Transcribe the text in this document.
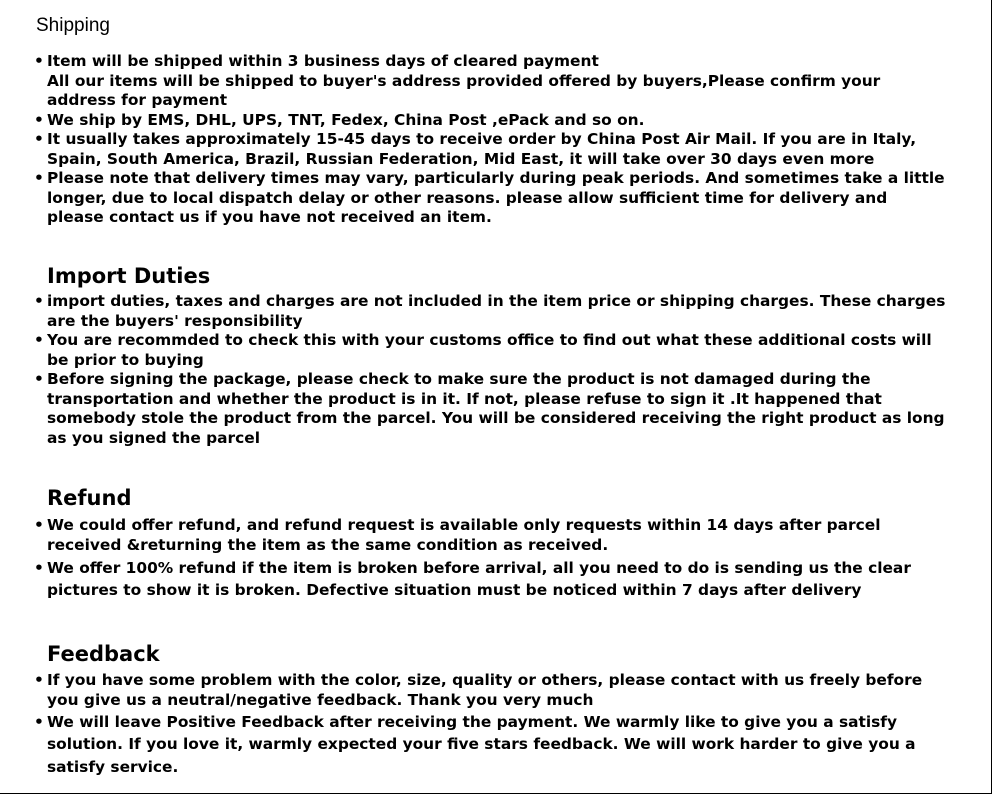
Shipping
• Item will be shipped within 3 business days of cleared payment
All our items will be shipped to buyer's address provided offered by buyers,Please confirm your
address for payment
• We ship by EMS, DHL, UPS, TNT, Fedex, China Post ,ePack and so on.
• It usually takes approximately 15-45 days to receive order by China Post Air Mail. If you are in Italy,
Spain, South America, Brazil, Russian Federation, Mid East, it will take over 30 days even more
• Please note that delivery times may vary, particularly during peak periods. And sometimes take a little
longer, due to local dispatch delay or other reasons. please allow sufficient time for delivery and
please contact us if you have not received an item.
Import Duties
• import duties, taxes and charges are not included in the item price or shipping charges. These charges
are the buyers' responsibility
• You are recommded to check this with your customs office to find out what these additional costs will
be prior to buying
• Before signing the package, please check to make sure the product is not damaged during the
transportation and whether the product is in it. If not, please refuse to sign it .It happened that
somebody stole the product from the parcel. You will be considered receiving the right product as long
as you signed the parcel
Refund
• We could offer refund, and refund request is available only requests within 14 days after parcel
received &returning the item as the same condition as received.
• We offer 100% refund if the item is broken before arrival, all you need to do is sending us the clear
pictures to show it is broken. Defective situation must be noticed within 7 days after delivery
Feedback
• If you have some problem with the color, size, quality or others, please contact with us freely before
you give us a neutral/negative feedback. Thank you very much
• We will leave Positive Feedback after receiving the payment. We warmly like to give you a satisfy
solution. If you love it, warmly expected your five stars feedback. We will work harder to give you a
satisfy service.
